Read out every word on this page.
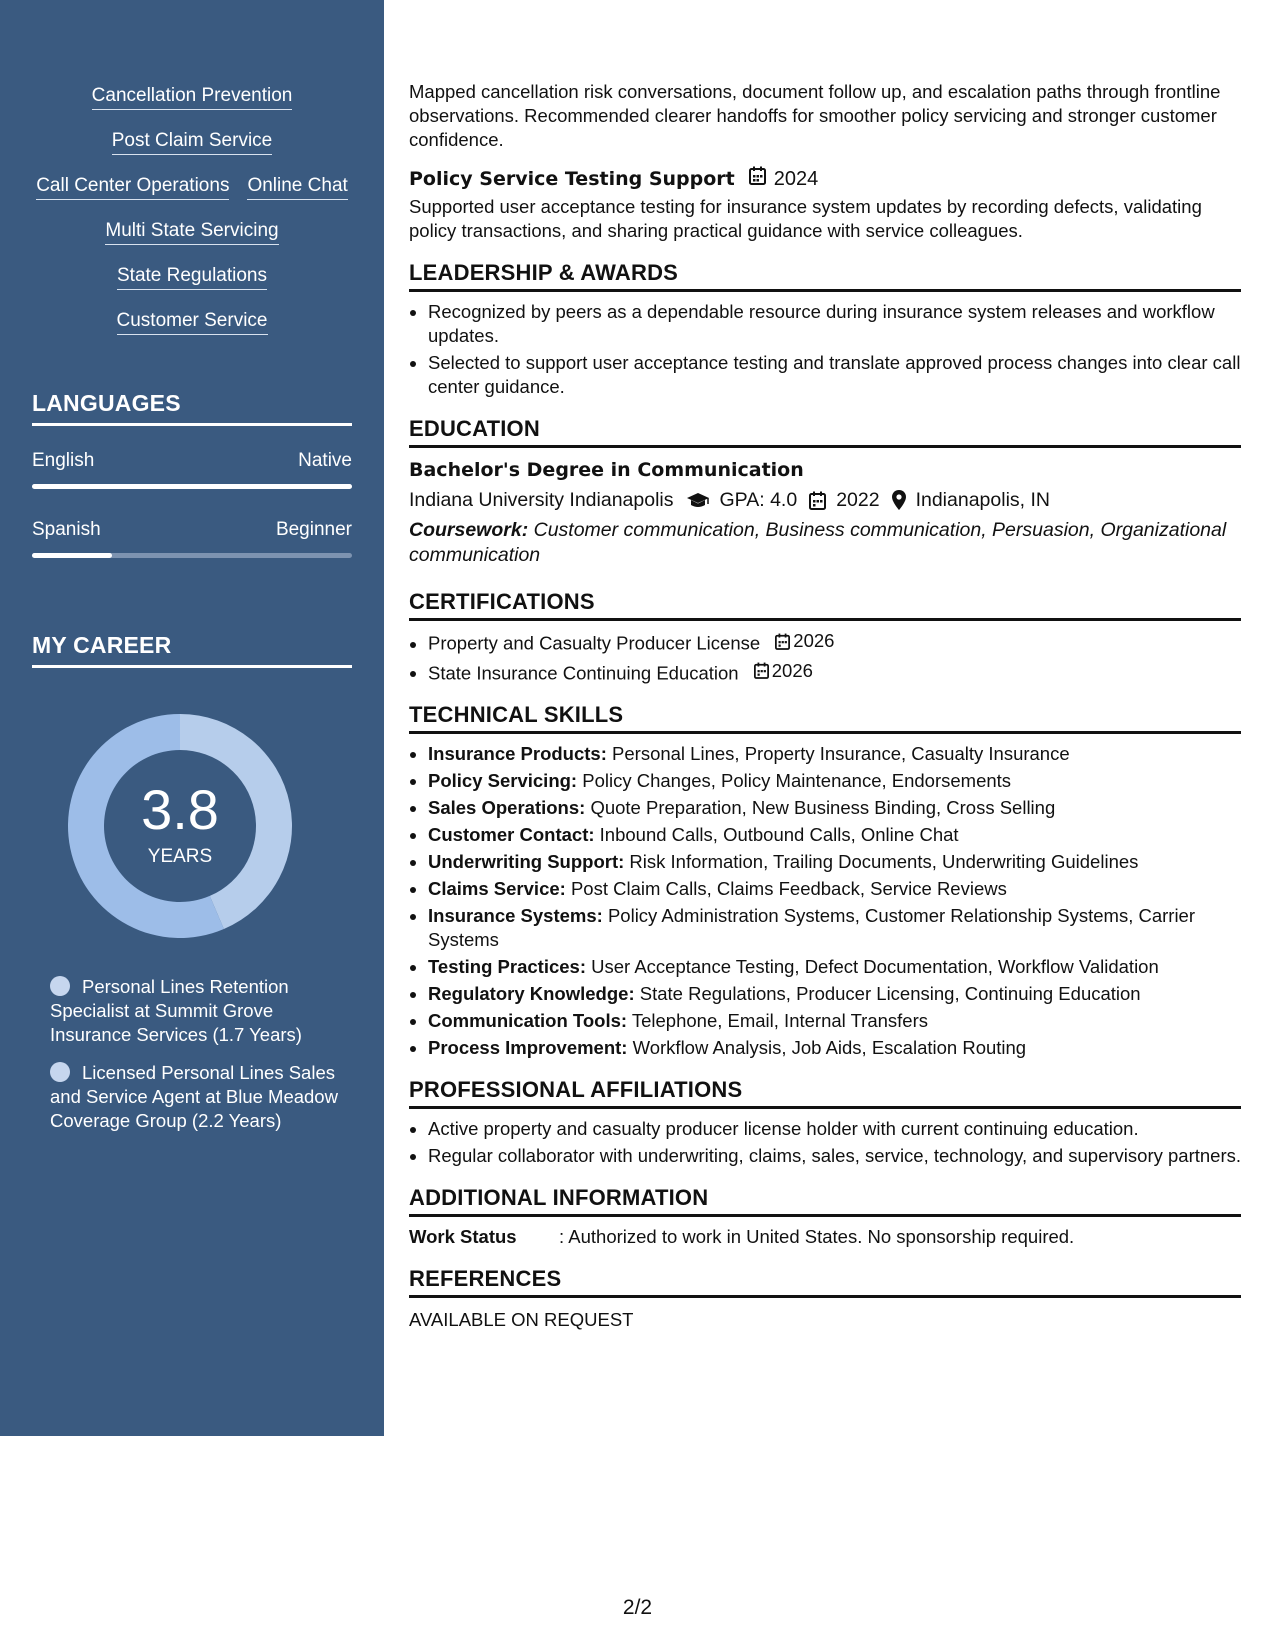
Cancellation Prevention
Post Claim Service
Call Center Operations Online Chat
Multi State Servicing
State Regulations
Customer Service
LANGUAGES
English	Native
Spanish	Beginner
MY CAREER
3.8
YEARS
Personal Lines Retention Specialist at Summit Grove Insurance Services (1.7 Years)
Licensed Personal Lines Sales and Service Agent at Blue Meadow Coverage Group (2.2 Years)

Mapped cancellation risk conversations, document follow up, and escalation paths through frontline observations. Recommended clearer handoffs for smoother policy servicing and stronger customer confidence.

Policy Service Testing Support 2024

Supported user acceptance testing for insurance system updates by recording defects, validating policy transactions, and sharing practical guidance with service colleagues.

LEADERSHIP & AWARDS
• Recognized by peers as a dependable resource during insurance system releases and workflow updates.
• Selected to support user acceptance testing and translate approved process changes into clear call center guidance.
EDUCATION
Bachelor's Degree in Communication
Indiana University Indianapolis GPA: 4.0 2022 Indianapolis, IN
Coursework: Customer communication, Business communication, Persuasion, Organizational communication
CERTIFICATIONS
• Property and Casualty Producer License 2026
• State Insurance Continuing Education 2026
TECHNICAL SKILLS
• Insurance Products: Personal Lines, Property Insurance, Casualty Insurance
• Policy Servicing: Policy Changes, Policy Maintenance, Endorsements
• Sales Operations: Quote Preparation, New Business Binding, Cross Selling
• Customer Contact: Inbound Calls, Outbound Calls, Online Chat
• Underwriting Support: Risk Information, Trailing Documents, Underwriting Guidelines
• Claims Service: Post Claim Calls, Claims Feedback, Service Reviews
• Insurance Systems: Policy Administration Systems, Customer Relationship Systems, Carrier Systems
• Testing Practices: User Acceptance Testing, Defect Documentation, Workflow Validation
• Regulatory Knowledge: State Regulations, Producer Licensing, Continuing Education
• Communication Tools: Telephone, Email, Internal Transfers
• Process Improvement: Workflow Analysis, Job Aids, Escalation Routing
PROFESSIONAL AFFILIATIONS
• Active property and casualty producer license holder with current continuing education.
• Regular collaborator with underwriting, claims, sales, service, technology, and supervisory partners.
ADDITIONAL INFORMATION
Work Status	: Authorized to work in United States. No sponsorship required.
REFERENCES
AVAILABLE ON REQUEST
2/2
